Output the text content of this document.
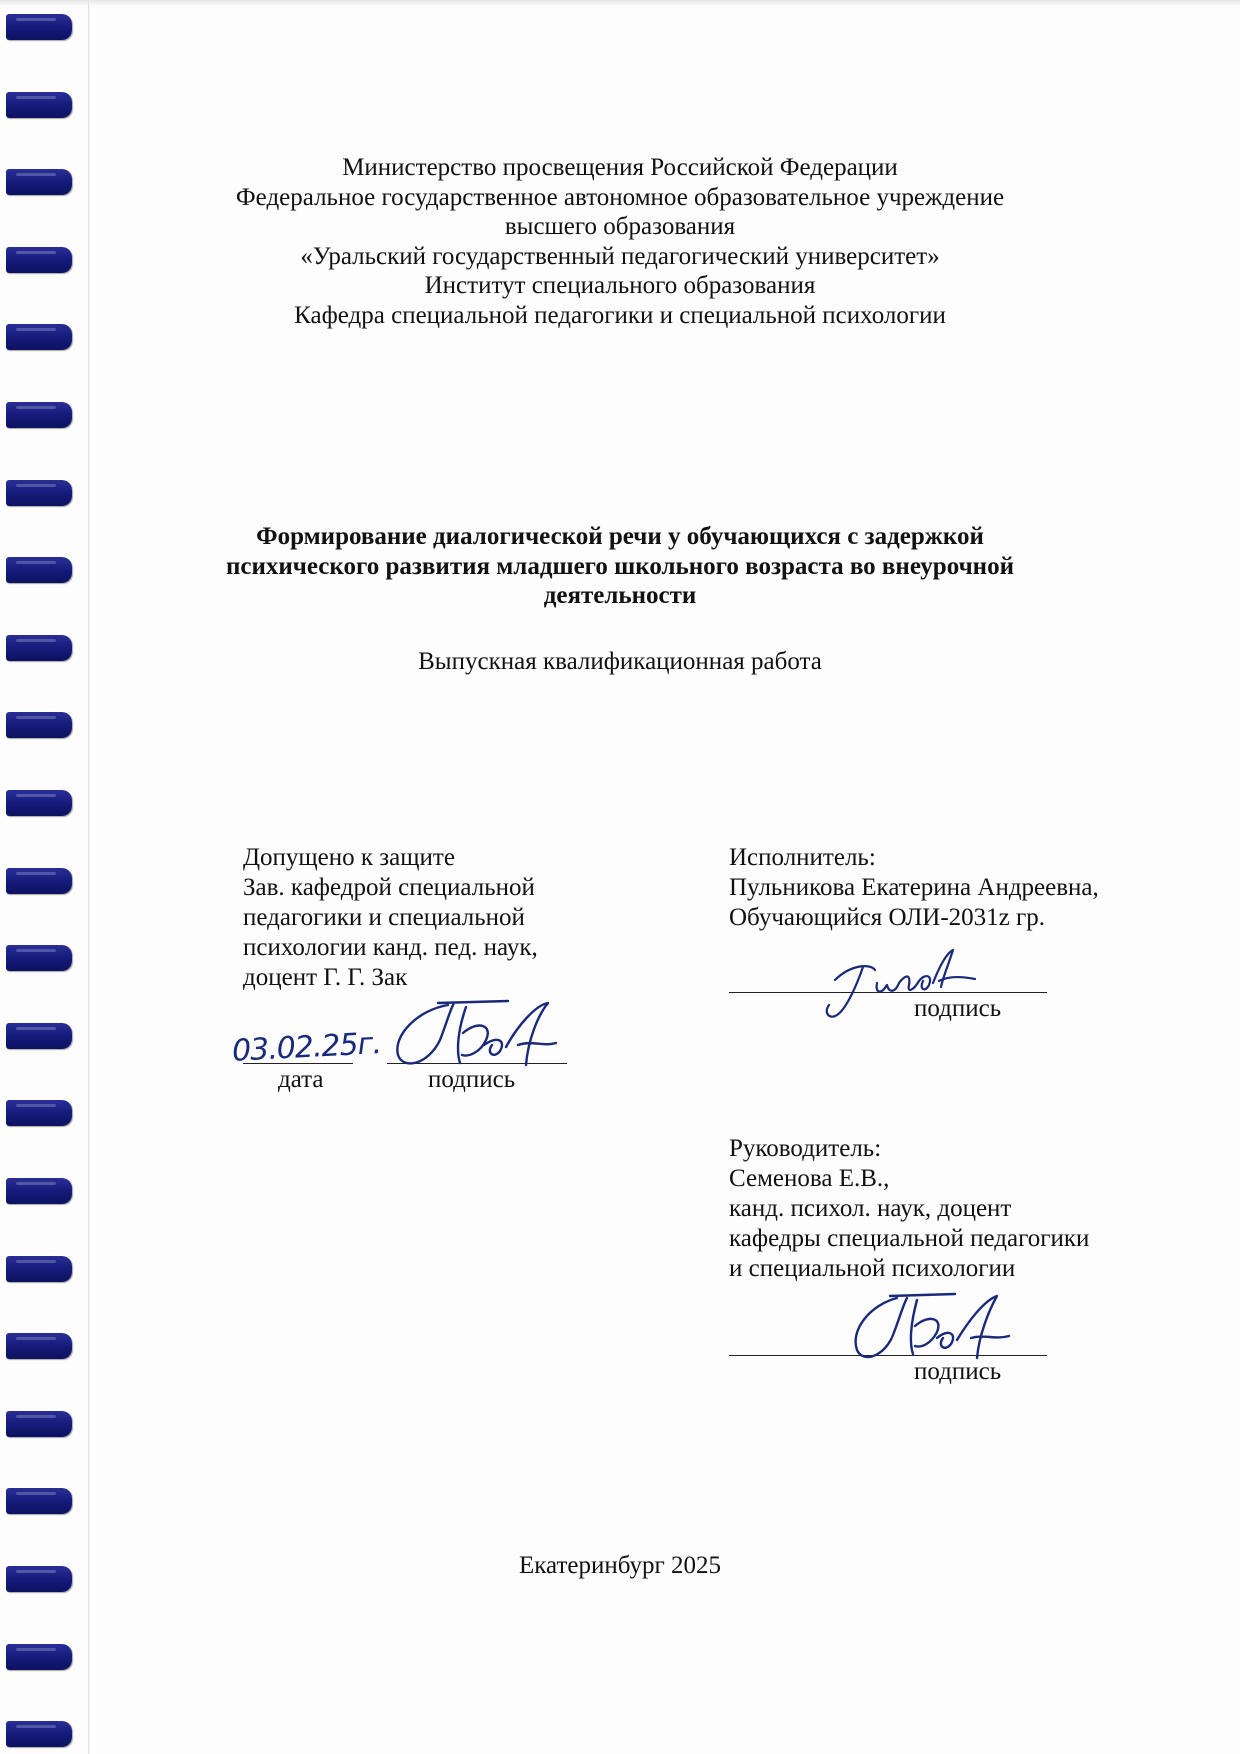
Министерство просвещения Российской Федерации
Федеральное государственное автономное образовательное учреждение
высшего образования
«Уральский государственный педагогический университет»
Институт специального образования
Кафедра специальной педагогики и специальной психологии
Формирование диалогической речи у обучающихся с задержкой
психического развития младшего школьного возраста во внеурочной
деятельности
Выпускная квалификационная работа
Допущено к защите
Зав. кафедрой специальной
педагогики и специальной
психологии канд. пед. наук,
доцент Г. Г. Зак
03.02.25г.
дата	подпись
Исполнитель:
Пульникова Екатерина Андреевна,
Обучающийся ОЛИ-2031z гр.
подпись
Руководитель:
Семенова Е.В.,
канд. психол. наук, доцент
кафедры специальной педагогики
и специальной психологии
подпись
Екатеринбург 2025
